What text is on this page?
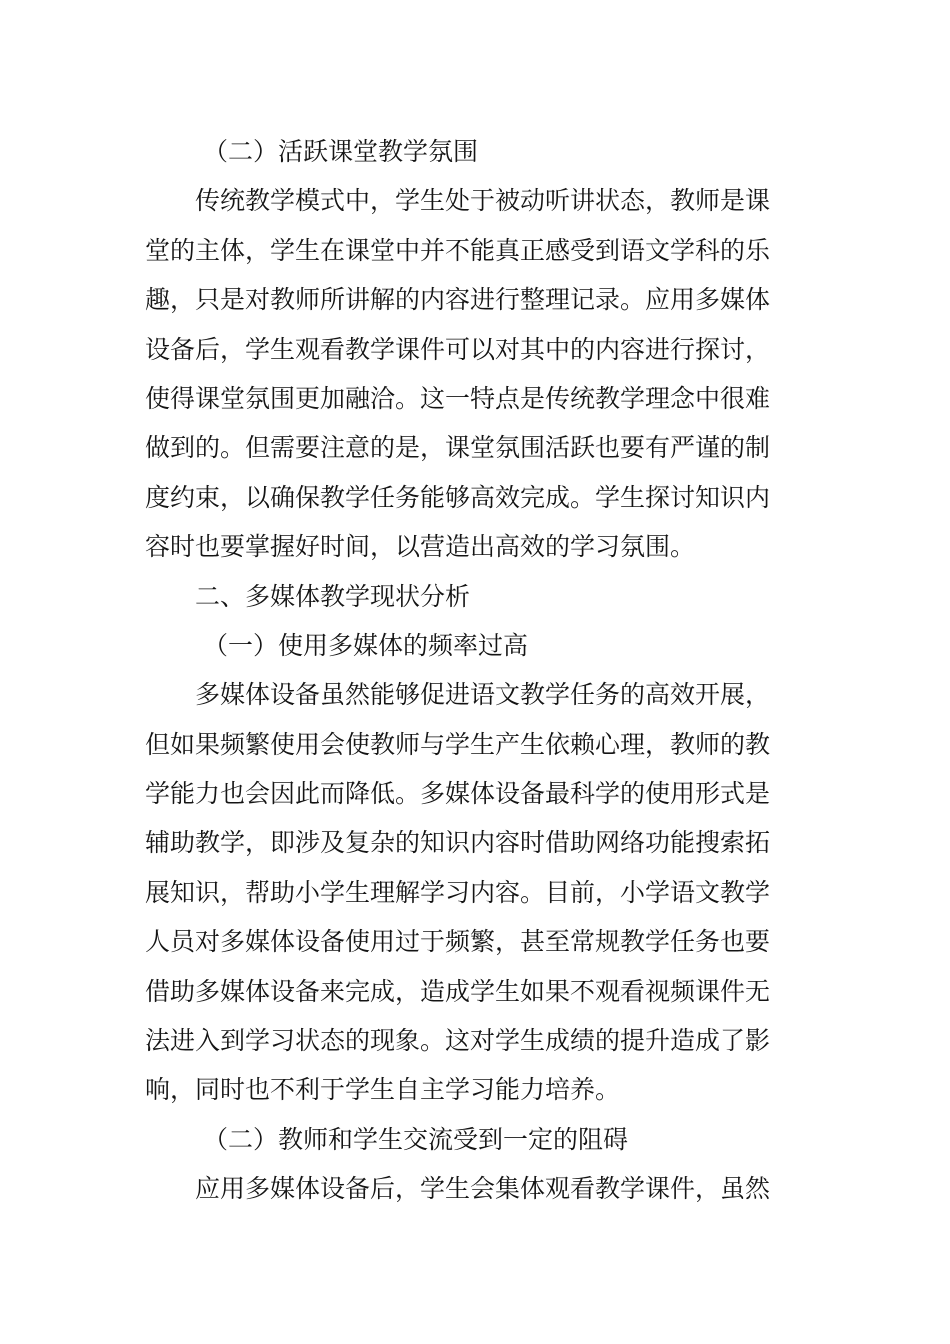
（二）活跃课堂教学氛围
传统教学模式中，学生处于被动听讲状态，教师是课
堂的主体，学生在课堂中并不能真正感受到语文学科的乐
趣，只是对教师所讲解的内容进行整理记录。应用多媒体
设备后，学生观看教学课件可以对其中的内容进行探讨，
使得课堂氛围更加融洽。这一特点是传统教学理念中很难
做到的。但需要注意的是，课堂氛围活跃也要有严谨的制
度约束，以确保教学任务能够高效完成。学生探讨知识内
容时也要掌握好时间，以营造出高效的学习氛围。
二、多媒体教学现状分析
（一）使用多媒体的频率过高
多媒体设备虽然能够促进语文教学任务的高效开展，
但如果频繁使用会使教师与学生产生依赖心理，教师的教
学能力也会因此而降低。多媒体设备最科学的使用形式是
辅助教学，即涉及复杂的知识内容时借助网络功能搜索拓
展知识，帮助小学生理解学习内容。目前，小学语文教学
人员对多媒体设备使用过于频繁，甚至常规教学任务也要
借助多媒体设备来完成，造成学生如果不观看视频课件无
法进入到学习状态的现象。这对学生成绩的提升造成了影
响，同时也不利于学生自主学习能力培养。
（二）教师和学生交流受到一定的阻碍
应用多媒体设备后，学生会集体观看教学课件，虽然
